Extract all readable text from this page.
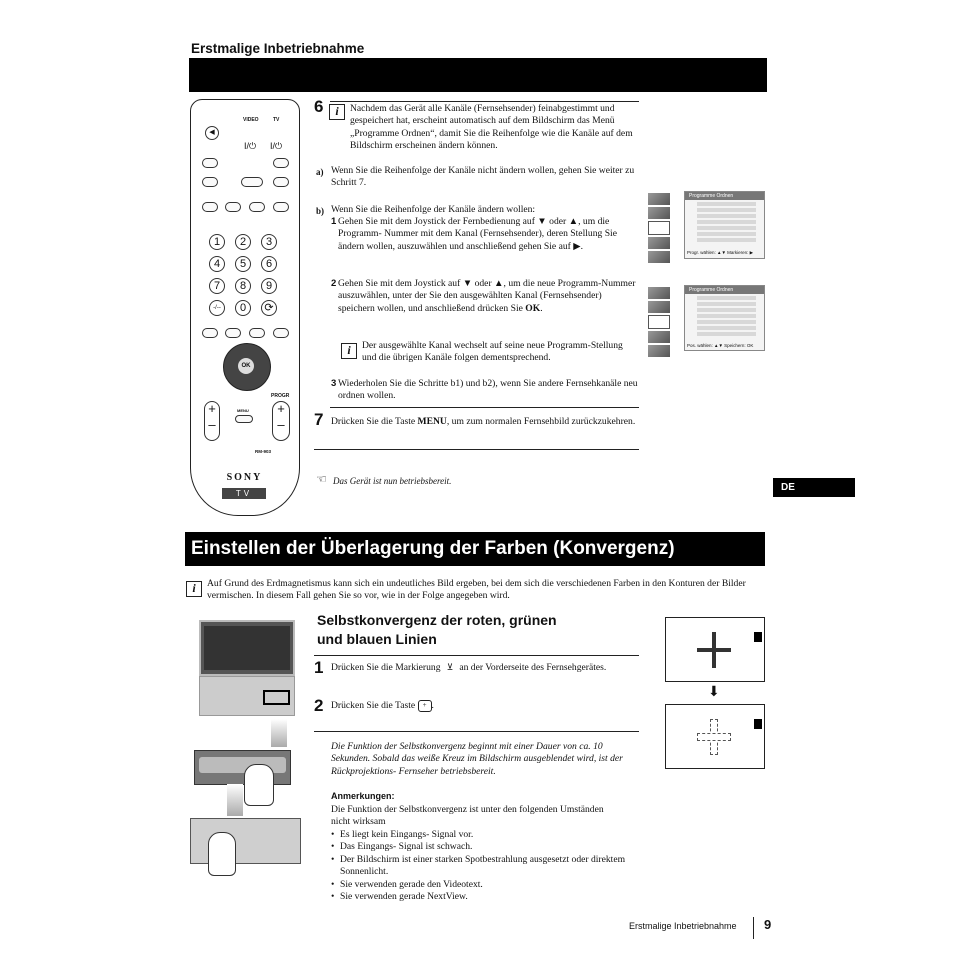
Erstmalige Inbetriebnahme
VIDEO	TV
◀
I/⏻ I/⏻
1	2	3
4	5	6
7	8	9
-/--	0	⟳
OK
PROGR
+
–
MENU	+
–
RM-903
SONY
TV
6
i	Nachdem das Gerät alle Kanäle (Fernsehsender) feinabgestimmt und gespeichert hat, erscheint automatisch auf dem Bildschirm das Menü „Programme Ordnen“, damit Sie die Reihenfolge wie die Kanäle auf dem Bildschirm erscheinen ändern können.
a) Wenn Sie die Reihenfolge der Kanäle nicht ändern wollen, gehen Sie weiter zu Schritt 7.
b) Wenn Sie die Reihenfolge der Kanäle ändern wollen:
1 Gehen Sie mit dem Joystick der Fernbedienung auf ▼ oder ▲, um die Programm- Nummer mit dem Kanal (Fernsehsender), deren Stellung Sie ändern wollen, auszuwählen und anschließend gehen Sie auf ▶.
2 Gehen Sie mit dem Joystick auf ▼ oder ▲, um die neue Programm-Nummer auszuwählen, unter der Sie den ausgewählten Kanal (Fernsehsender) speichern wollen, und anschließend drücken Sie OK.
i
Der ausgewählte Kanal wechselt auf seine neue Programm-Stellung und die übrigen Kanäle folgen dementsprechend.
3 Wiederholen Sie die Schritte b1) und b2), wenn Sie andere Fernsehkanäle neu ordnen wollen.
7 Drücken Sie die Taste MENU, um zum normalen Fernsehbild zurückzukehren.
☜ Das Gerät ist nun betriebsbereit.
Programme Ordnen
Progr. wählen: ▲▼ Markieren: ▶
Programme Ordnen
Pos. wählen: ▲▼ Speichern: OK
DE
Einstellen der Überlagerung der Farben (Konvergenz)
i
Auf Grund des Erdmagnetismus kann sich ein undeutliches Bild ergeben, bei dem sich die verschiedenen Farben in den Konturen der Bilder vermischen. In diesem Fall gehen Sie so vor, wie in der Folge angegeben wird.
Selbstkonvergenz der roten, grünen
und blauen Linien
1 Drücken Sie die Markierung ⊻ an der Vorderseite des Fernsehgerätes.
2 Drücken Sie die Taste + .
Die Funktion der Selbstkonvergenz beginnt mit einer Dauer von ca. 10 Sekunden. Sobald das weiße Kreuz im Bildschirm ausgeblendet wird, ist der Rückprojektions- Fernseher betriebsbereit.
Anmerkungen:
Die Funktion der Selbstkonvergenz ist unter den folgenden Umständen nicht wirksam
• Es liegt kein Eingangs- Signal vor.
• Das Eingangs- Signal ist schwach.
• Der Bildschirm ist einer starken Spotbestrahlung ausgesetzt oder direktem Sonnenlicht.
• Sie verwenden gerade den Videotext.
• Sie verwenden gerade NextView.
⬇
Erstmalige Inbetriebnahme 9
